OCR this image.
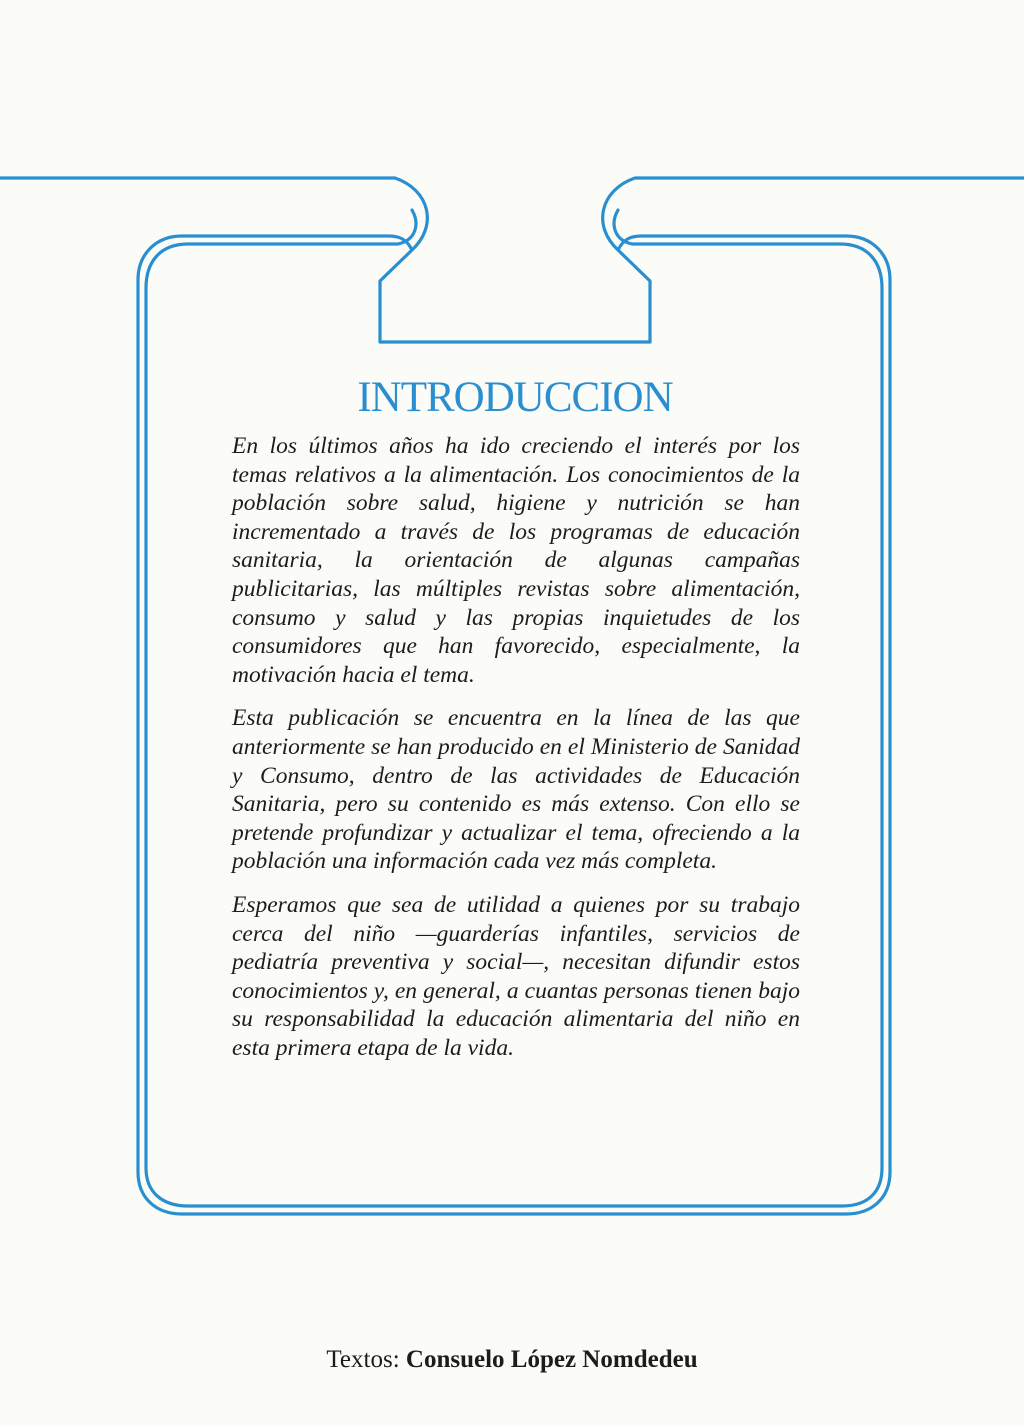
INTRODUCCION

En los últimos años ha ido creciendo el interés por los temas relativos a la alimentación. Los conocimientos de la población sobre salud, higiene y nutrición se han incrementado a través de los programas de educación sanitaria, la orientación de algunas campañas publicitarias, las múltiples revistas sobre alimentación, consumo y salud y las propias inquietudes de los consumidores que han favorecido, especialmente, la motivación hacia el tema.

Esta publicación se encuentra en la línea de las que anteriormente se han producido en el Ministerio de Sanidad y Consumo, dentro de las actividades de Educación Sanitaria, pero su contenido es más extenso. Con ello se pretende profundizar y actualizar el tema, ofreciendo a la población una información cada vez más completa.

Esperamos que sea de utilidad a quienes por su trabajo cerca del niño —guarderías infantiles, servicios de pediatría preventiva y social—, necesitan difundir estos conocimientos y, en general, a cuantas personas tienen bajo su responsabilidad la educación alimentaria del niño en esta primera etapa de la vida.

Textos: Consuelo López Nomdedeu
